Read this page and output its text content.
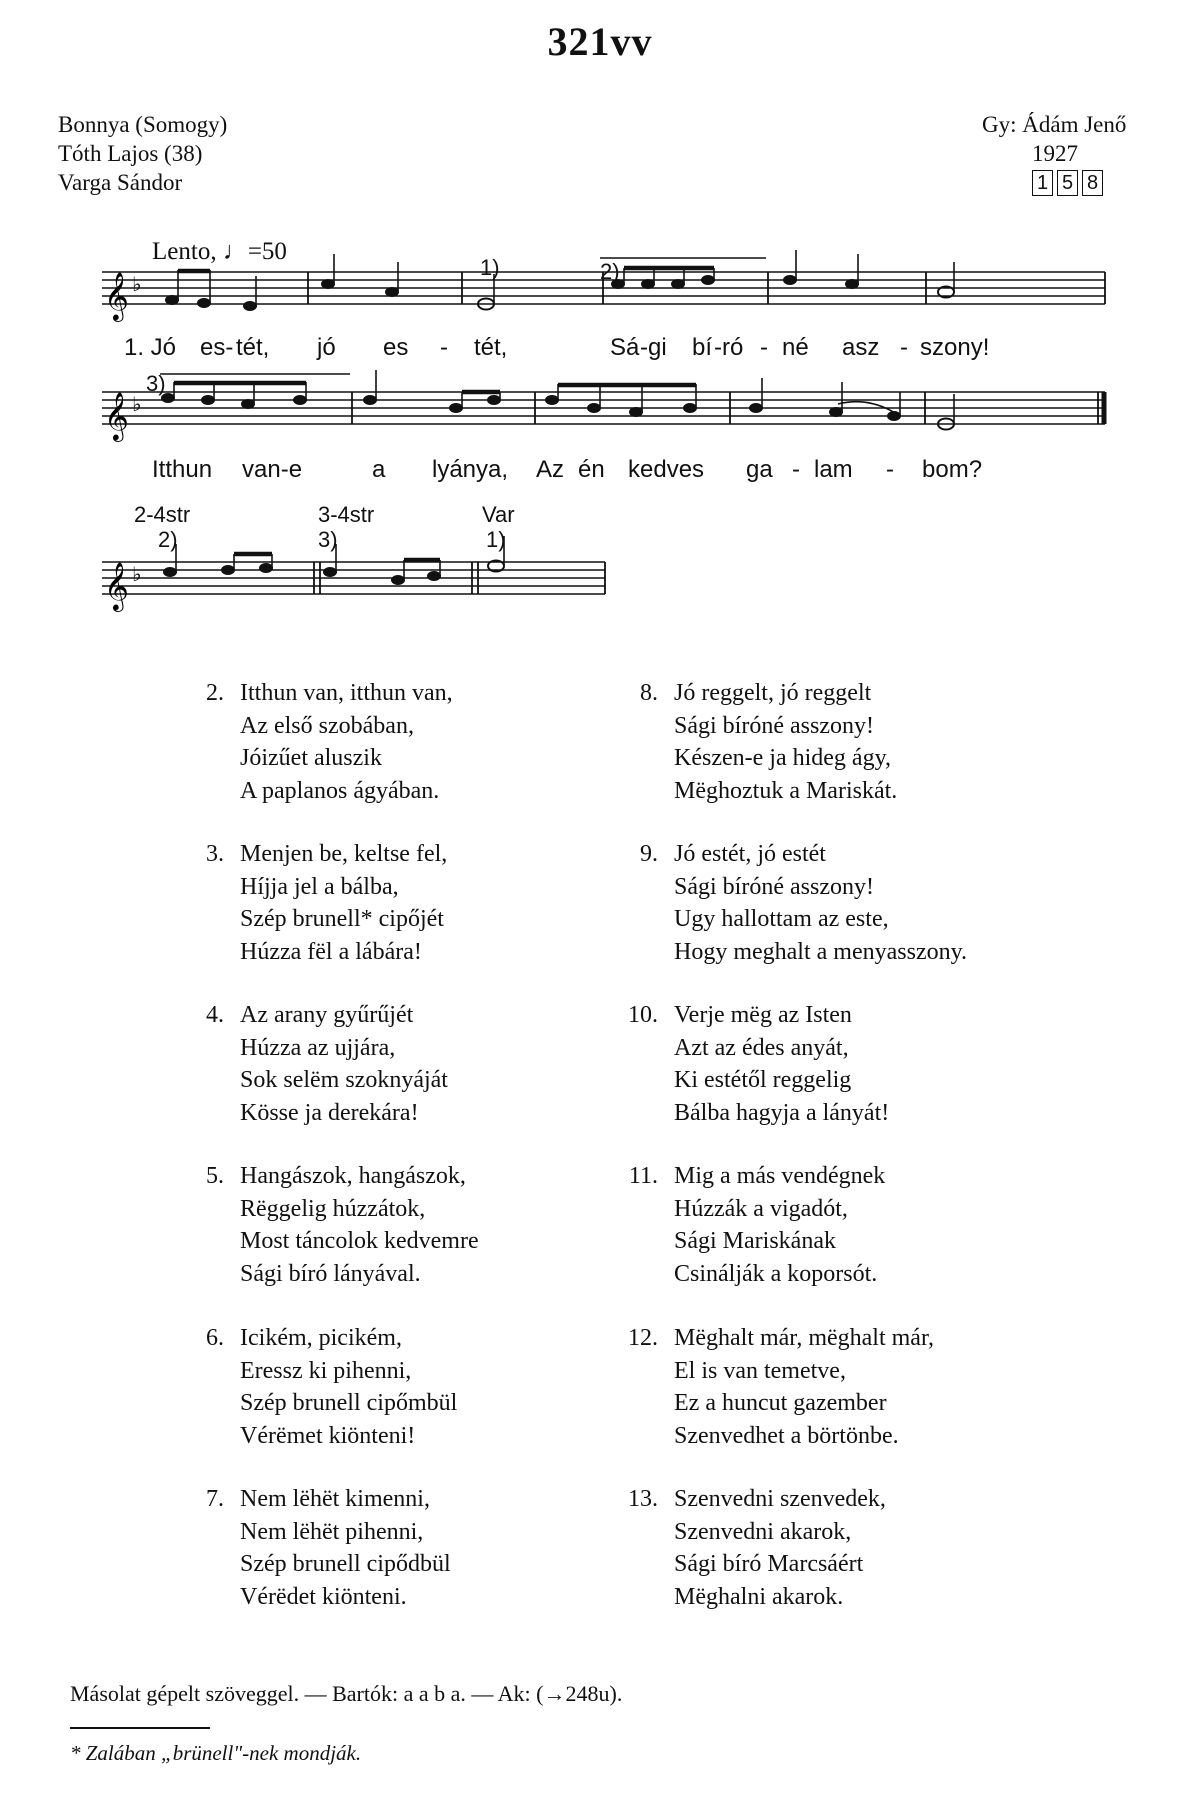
321vv
Bonnya (Somogy)
Tóth Lajos (38)
Varga Sándor
Gy: Ádám Jenő
1927
1 5 8
Lento, ♩=50
𝄞 ♭
𝄞 ♭
𝄞 ♭
1)	2)
3)
2-4str
2)
3-4str
3)
Var
1)
1. Jó es- tét, jó es - tét,	Sá -gi bí -ró - né asz - szony!
Itthun van-e	a lyánya, Az én kedves ga - lam - bom?
2. Itthun van, itthun van,
Az első szobában,
Jóizűet aluszik
A paplanos ágyában.
3. Menjen be, keltse fel,
Híjja jel a bálba,
Szép brunell* cipőjét
Húzza fël a lábára!
4. Az arany gyűrűjét
Húzza az ujjára,
Sok selëm szoknyáját
Kösse ja derekára!
5. Hangászok, hangászok,
Rëggelig húzzátok,
Most táncolok kedvemre
Sági bíró lányával.
6. Icikém, picikém,
Eressz ki pihenni,
Szép brunell cipőmbül
Vérëmet kiönteni!
7. Nem lëhët kimenni,
Nem lëhët pihenni,
Szép brunell cipődbül
Vérëdet kiönteni.
8. Jó reggelt, jó reggelt
Sági bíróné asszony!
Készen-e ja hideg ágy,
Mëghoztuk a Mariskát.
9. Jó estét, jó estét
Sági bíróné asszony!
Ugy hallottam az este,
Hogy meghalt a menyasszony.
10. Verje mëg az Isten
Azt az édes anyát,
Ki estétől reggelig
Bálba hagyja a lányát!
11. Mig a más vendégnek
Húzzák a vigadót,
Sági Mariskának
Csinálják a koporsót.
12. Mëghalt már, mëghalt már,
El is van temetve,
Ez a huncut gazember
Szenvedhet a börtönbe.
13. Szenvedni szenvedek,
Szenvedni akarok,
Sági bíró Marcsáért
Mëghalni akarok.
Másolat gépelt szöveggel. — Bartók: a a b a. — Ak: (→248u).
* Zalában „brünell"-nek mondják.
